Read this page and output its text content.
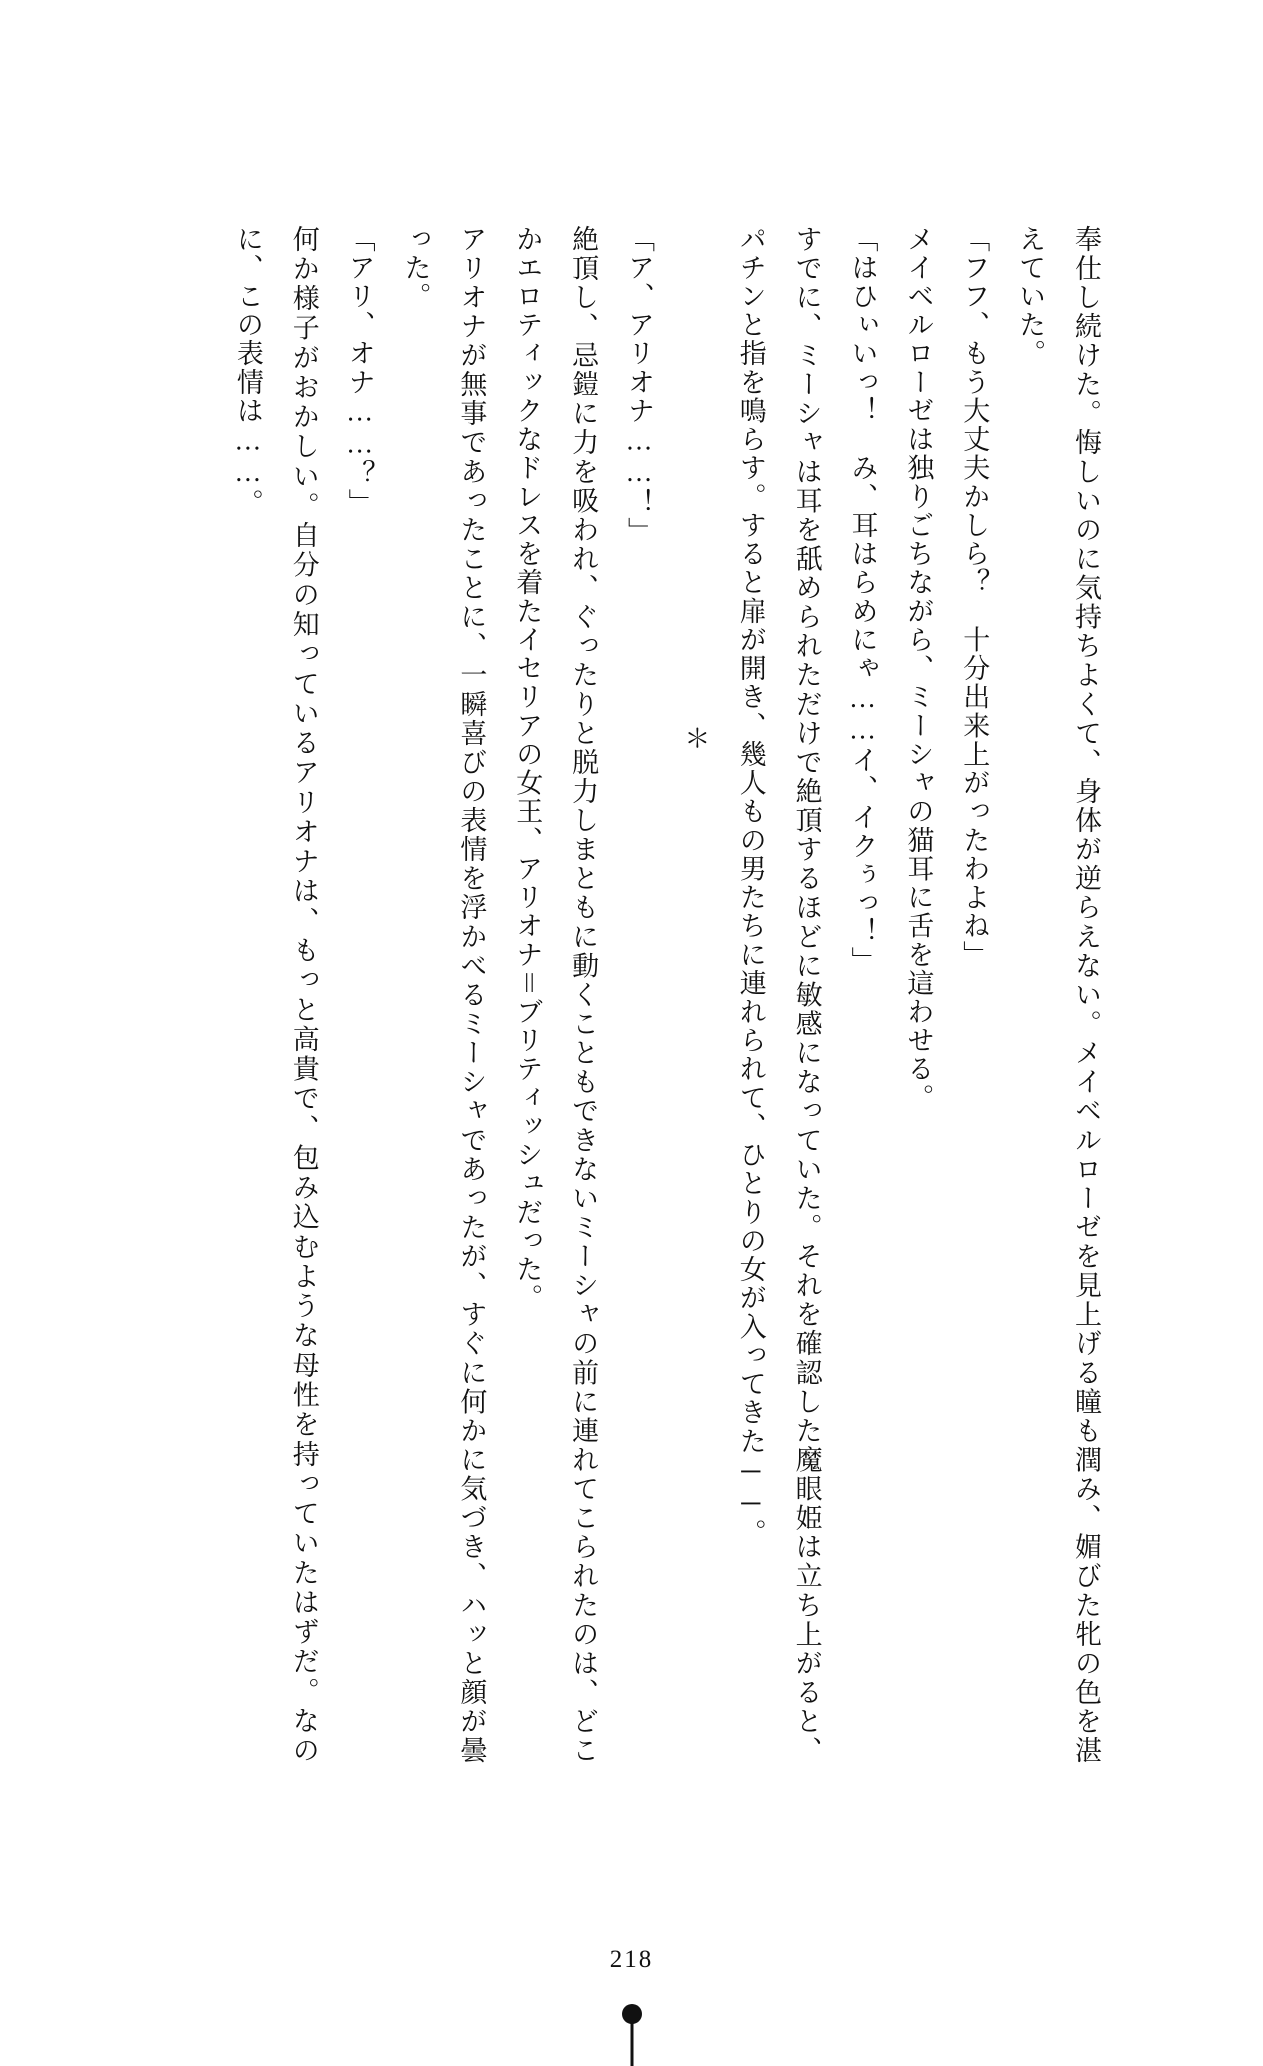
奉仕し続けた。悔しいのに気持ちよくて、身体が逆らえない。メイベルローゼを見上げる瞳も潤み、媚びた牝の色を湛えていた。

「フフ、もう大丈夫かしら？　十分出来上がったわよね」

メイベルローゼは独りごちながら、ミーシャの猫耳に舌を這わせる。

「はひぃいっ！　み、耳はらめにゃ……イ、イクぅっ！」

すでに、ミーシャは耳を舐められただけで絶頂するほどに敏感になっていた。それを確認した魔眼姫は立ち上がると、パチンと指を鳴らす。すると扉が開き、幾人もの男たちに連れられて、ひとりの女が入ってきた──。

＊

「ア、アリオナ……！」

絶頂し、忌鎧に力を吸われ、ぐったりと脱力しまともに動くこともできないミーシャの前に連れてこられたのは、どこかエロティックなドレスを着たイセリアの女王、アリオナ＝ブリティッシュだった。

アリオナが無事であったことに、一瞬喜びの表情を浮かべるミーシャであったが、すぐに何かに気づき、ハッと顔が曇った。

「アリ、オナ……？」

何か様子がおかしい。自分の知っているアリオナは、もっと高貴で、包み込むような母性を持っていたはずだ。なのに、この表情は……。

218
